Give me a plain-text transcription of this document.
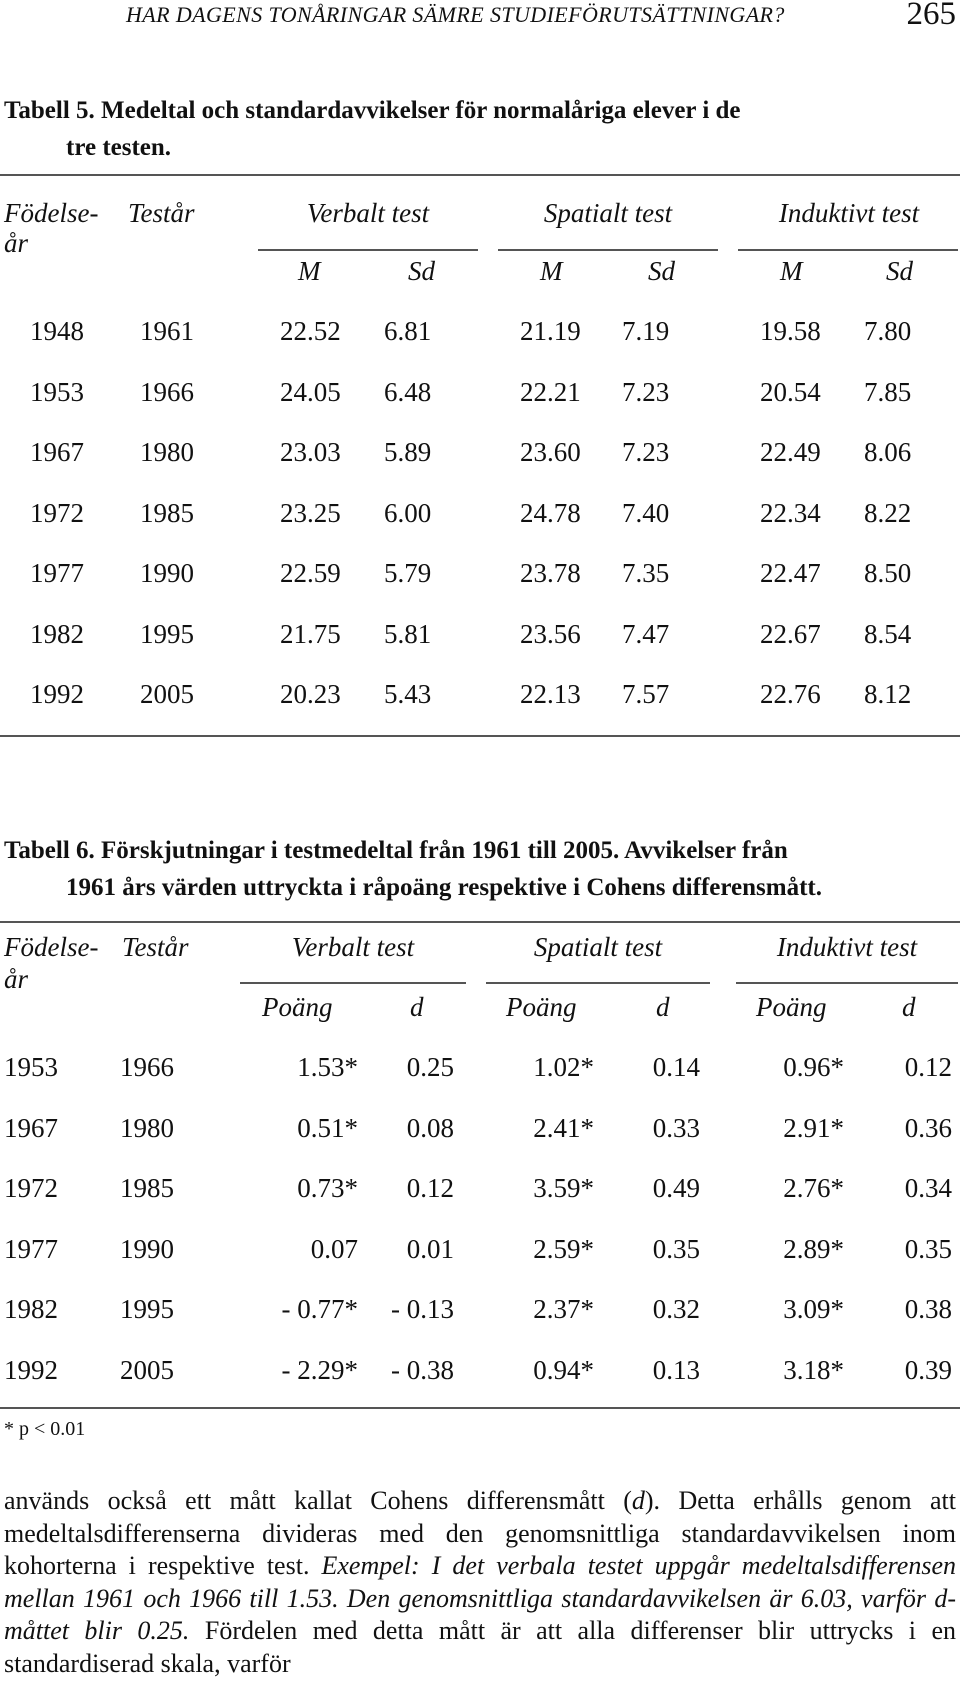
HAR DAGENS TONÅRINGAR SÄMRE STUDIEFÖRUTSÄTTNINGAR?	265
Tabell 5. Medeltal och standardavvikelser för normalåriga elever i de
tre testen.
Födelse-
år
Testår	Verbalt test	Spatialt test	Induktivt test
M	Sd	M	Sd	M	Sd
1948 1961	22.52 6.81	21.19 7.19	19.58 7.80
1953 1966	24.05 6.48	22.21 7.23	20.54 7.85
1967 1980	23.03 5.89	23.60 7.23	22.49 8.06
1972 1985	23.25 6.00	24.78 7.40	22.34 8.22
1977 1990	22.59 5.79	23.78 7.35	22.47 8.50
1982 1995	21.75 5.81	23.56 7.47	22.67 8.54
1992 2005	20.23 5.43	22.13 7.57	22.76 8.12
Tabell 6. Förskjutningar i testmedeltal från 1961 till 2005. Avvikelser från
1961 års värden uttryckta i råpoäng respektive i Cohens differensmått.
Födelse-
år
Testår	Verbalt test	Spatialt test	Induktivt test
Poäng	d	Poäng	d	Poäng	d
1953 1966	1.53*	0.25	1.02*	0.14	0.96*	0.12
1967 1980	0.51*	0.08	2.41*	0.33	2.91*	0.36
1972 1985	0.73*	0.12	3.59*	0.49	2.76*	0.34
1977 1990	0.07	0.01	2.59*	0.35	2.89*	0.35
1982 1995	- 0.77*	- 0.13	2.37*	0.32	3.09*	0.38
1992 2005	- 2.29*	- 0.38	0.94*	0.13	3.18*	0.39
* p < 0.01
används också ett mått kallat Cohens differensmått (d). Detta erhålls genom att medeltalsdifferenserna divideras med den genomsnittliga standardavvikelsen inom kohorterna i respektive test. Exempel: I det verbala testet uppgår medeltalsdifferensen mellan 1961 och 1966 till 1.53. Den genomsnittliga standardavvikelsen är 6.03, varför d-måttet blir 0.25. Fördelen med detta mått är att alla differenser blir uttrycks i en standardiserad skala, varför
